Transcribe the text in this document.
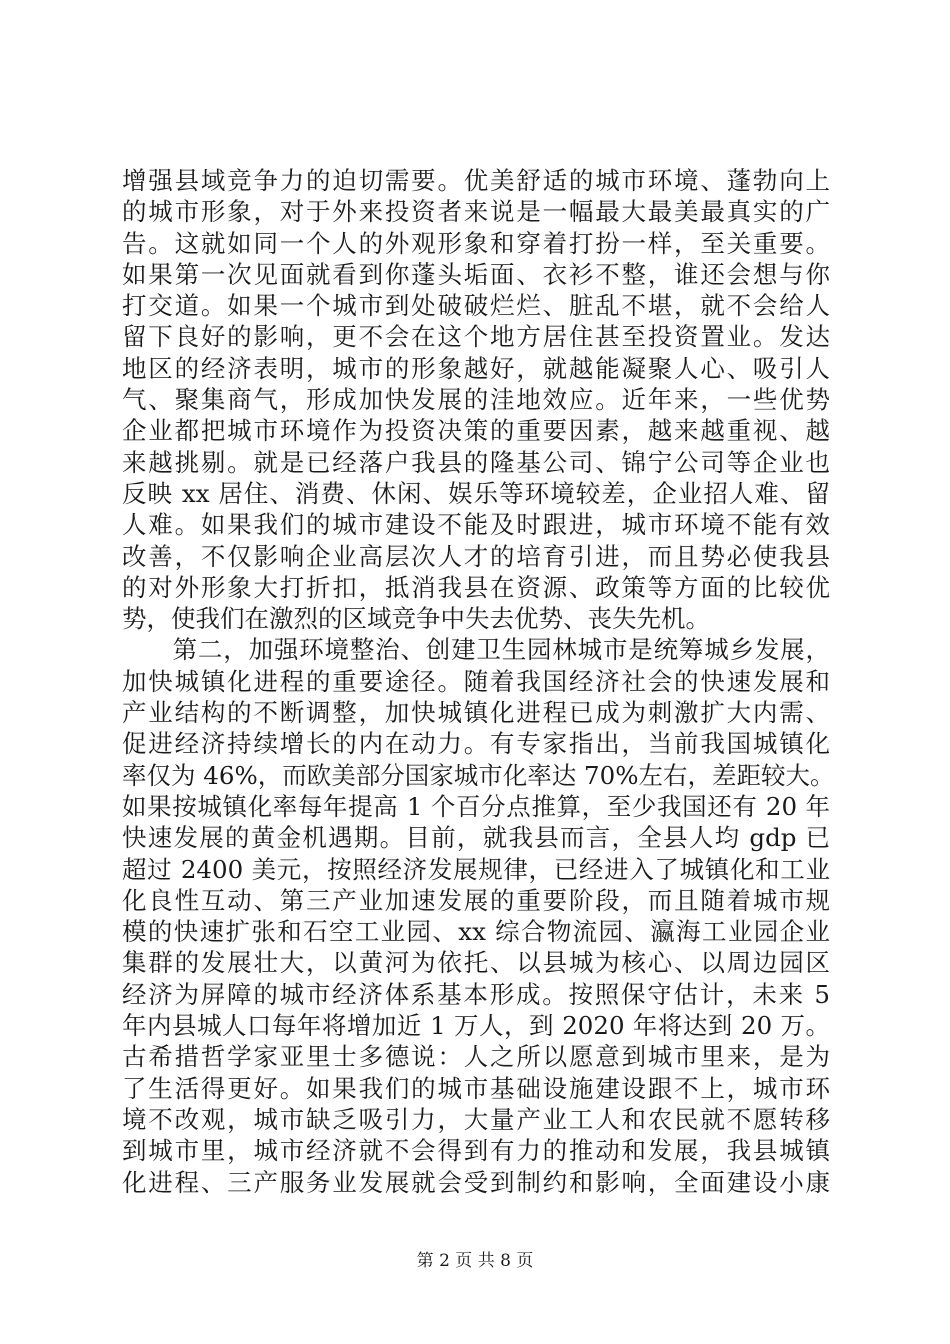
增强县域竞争力的迫切需要。优美舒适的城市环境、蓬勃向上
的城市形象，对于外来投资者来说是一幅最大最美最真实的广
告。这就如同一个人的外观形象和穿着打扮一样，至关重要。
如果第一次见面就看到你蓬头垢面、衣衫不整，谁还会想与你
打交道。如果一个城市到处破破烂烂、脏乱不堪，就不会给人
留下良好的影响，更不会在这个地方居住甚至投资置业。发达
地区的经济表明，城市的形象越好，就越能凝聚人心、吸引人
气、聚集商气，形成加快发展的洼地效应。近年来，一些优势
企业都把城市环境作为投资决策的重要因素，越来越重视、越
来越挑剔。就是已经落户我县的隆基公司、锦宁公司等企业也
反映 xx 居住、消费、休闲、娱乐等环境较差，企业招人难、留
人难。如果我们的城市建设不能及时跟进，城市环境不能有效
改善，不仅影响企业高层次人才的培育引进，而且势必使我县
的对外形象大打折扣，抵消我县在资源、政策等方面的比较优
势，使我们在激烈的区域竞争中失去优势、丧失先机。
　　第二，加强环境整治、创建卫生园林城市是统筹城乡发展，
加快城镇化进程的重要途径。随着我国经济社会的快速发展和
产业结构的不断调整，加快城镇化进程已成为刺激扩大内需、
促进经济持续增长的内在动力。有专家指出，当前我国城镇化
率仅为 46%，而欧美部分国家城市化率达 70%左右，差距较大。
如果按城镇化率每年提高 1 个百分点推算，至少我国还有 20 年
快速发展的黄金机遇期。目前，就我县而言，全县人均 gdp 已
超过 2400 美元，按照经济发展规律，已经进入了城镇化和工业
化良性互动、第三产业加速发展的重要阶段，而且随着城市规
模的快速扩张和石空工业园、xx 综合物流园、瀛海工业园企业
集群的发展壮大，以黄河为依托、以县城为核心、以周边园区
经济为屏障的城市经济体系基本形成。按照保守估计，未来 5
年内县城人口每年将增加近 1 万人，到 2020 年将达到 20 万。
古希措哲学家亚里士多德说：人之所以愿意到城市里来，是为
了生活得更好。如果我们的城市基础设施建设跟不上，城市环
境不改观，城市缺乏吸引力，大量产业工人和农民就不愿转移
到城市里，城市经济就不会得到有力的推动和发展，我县城镇
化进程、三产服务业发展就会受到制约和影响，全面建设小康
第 2 页 共 8 页
